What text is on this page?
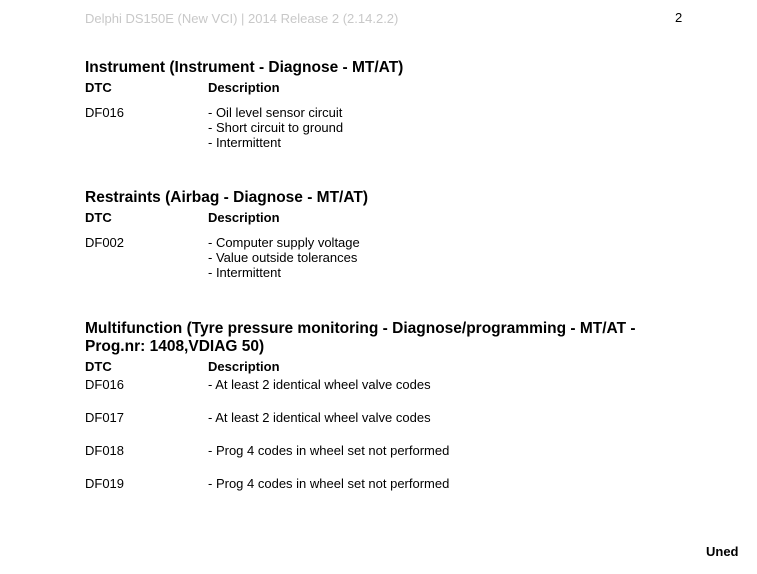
Delphi DS150E (New VCI) | 2014 Release 2 (2.14.2.2)	2
Instrument (Instrument - Diagnose - MT/AT)
DTC	Description
DF016	- Oil level sensor circuit
- Short circuit to ground
- Intermittent
Restraints (Airbag - Diagnose - MT/AT)
DTC	Description
DF002	- Computer supply voltage
- Value outside tolerances
- Intermittent
Multifunction (Tyre pressure monitoring - Diagnose/programming - MT/AT - Prog.nr: 1408,VDIAG 50)
DTC	Description
DF016	- At least 2 identical wheel valve codes
DF017	- At least 2 identical wheel valve codes
DF018	- Prog 4 codes in wheel set not performed
DF019	- Prog 4 codes in wheel set not performed
Uned
